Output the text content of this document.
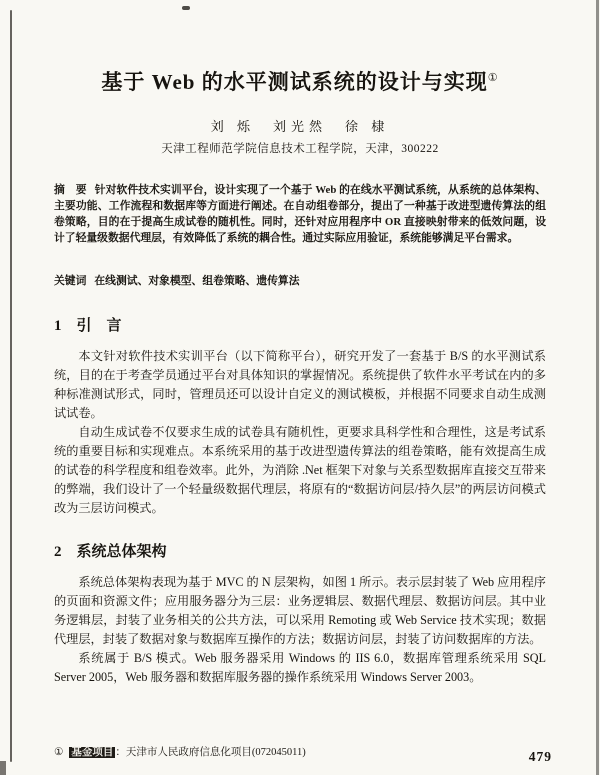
基于 Web 的水平测试系统的设计与实现①
刘 烁　刘光然　徐 棣
天津工程师范学院信息技术工程学院，天津，300222

摘　要 针对软件技术实训平台，设计实现了一个基于 Web 的在线水平测试系统，从系统的总体架构、主要功能、工作流程和数据库等方面进行阐述。在自动组卷部分，提出了一种基于改进型遗传算法的组卷策略，目的在于提高生成试卷的随机性。同时，还针对应用程序中 OR 直接映射带来的低效问题，设计了轻量级数据代理层，有效降低了系统的耦合性。通过实际应用验证，系统能够满足平台需求。

关键词 在线测试、对象模型、组卷策略、遗传算法

1　引　言

本文针对软件技术实训平台（以下简称平台），研究开发了一套基于 B/S 的水平测试系统，目的在于考查学员通过平台对具体知识的掌握情况。系统提供了软件水平考试在内的多种标准测试形式，同时，管理员还可以设计自定义的测试模板，并根据不同要求自动生成测试试卷。

自动生成试卷不仅要求生成的试卷具有随机性，更要求具科学性和合理性，这是考试系统的重要目标和实现难点。本系统采用的基于改进型遗传算法的组卷策略，能有效提高生成的试卷的科学程度和组卷效率。此外，为消除 .Net 框架下对象与关系型数据库直接交互带来的弊端，我们设计了一个轻量级数据代理层，将原有的“数据访问层/持久层”的两层访问模式改为三层访问模式。

2　系统总体架构

系统总体架构表现为基于 MVC 的 N 层架构，如图 1 所示。表示层封装了 Web 应用程序的页面和资源文件；应用服务器分为三层：业务逻辑层、数据代理层、数据访问层。其中业务逻辑层，封装了业务相关的公共方法，可以采用 Remoting 或 Web Service 技术实现；数据代理层，封装了数据对象与数据库互操作的方法；数据访问层，封装了访问数据库的方法。

系统属于 B/S 模式。Web 服务器采用 Windows 的 IIS 6.0，数据库管理系统采用 SQL Server 2005，Web 服务器和数据库服务器的操作系统采用 Windows Server 2003。

① 基金项目 ：天津市人民政府信息化项目(072045011)	479
